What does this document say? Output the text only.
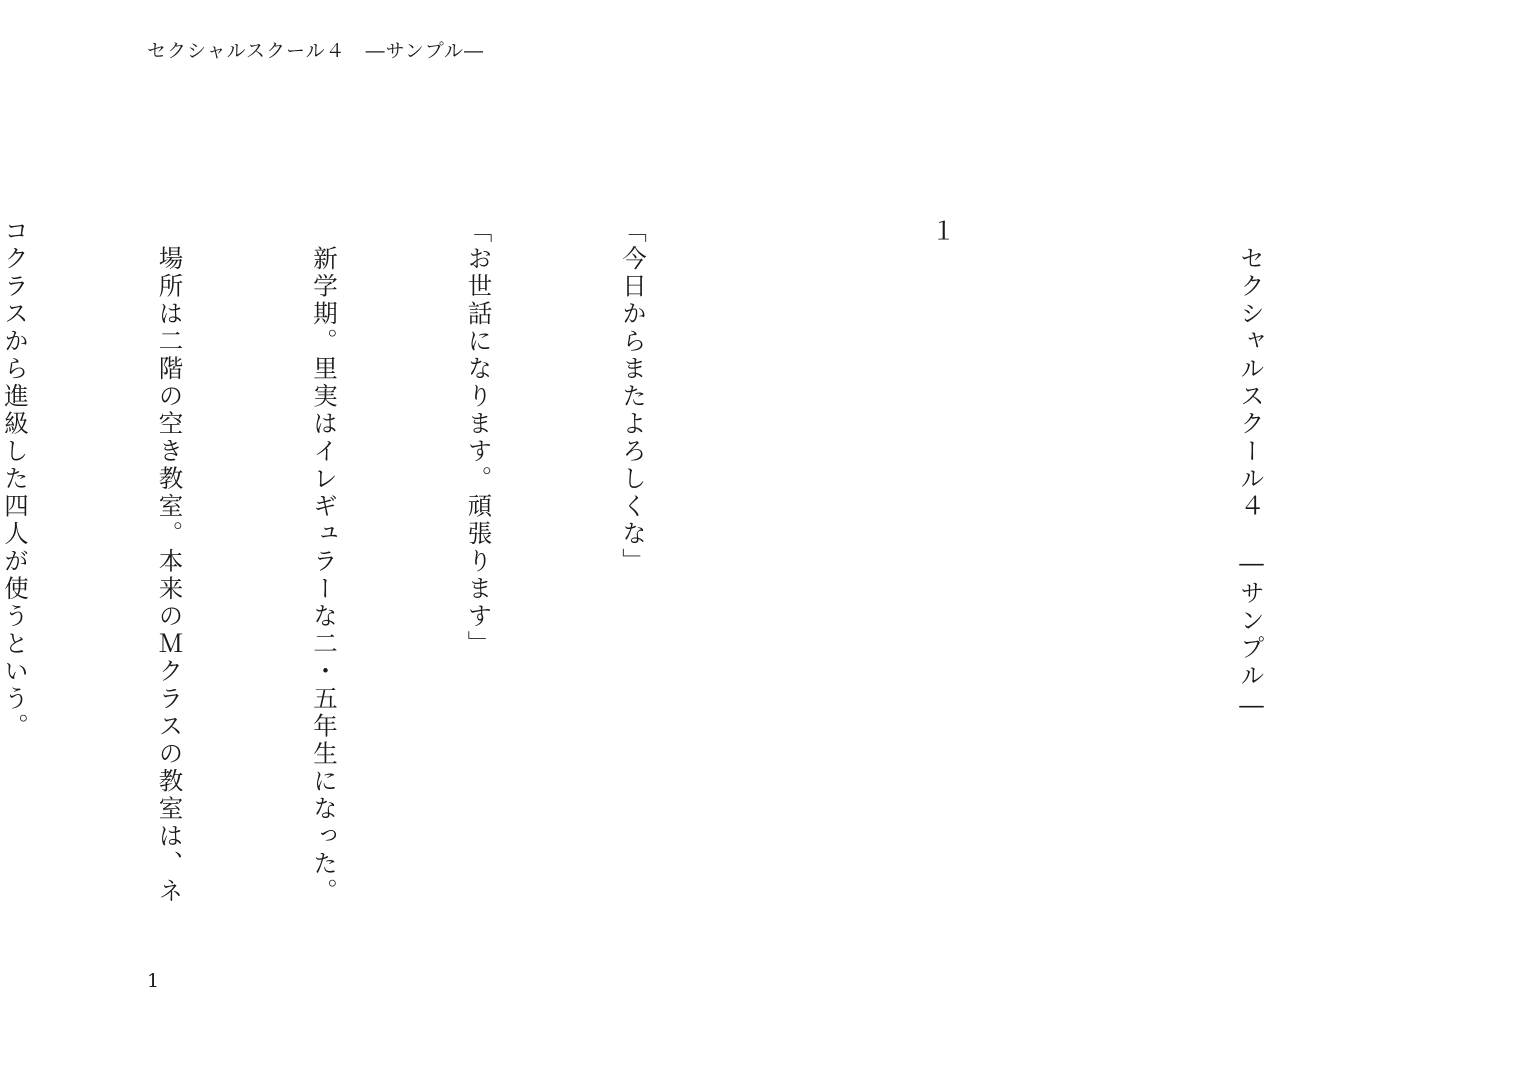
セクシャルスクール４　―サンプル―

　セクシャルスクール４　―サンプル―

１

「今日からまたよろしくな」

「お世話になります。頑張ります」

　新学期。里実はイレギュラーな二・五年生になった。

　場所は二階の空き教室。本来のＭクラスの教室は、ネ

コクラスから進級した四人が使うという。

1
